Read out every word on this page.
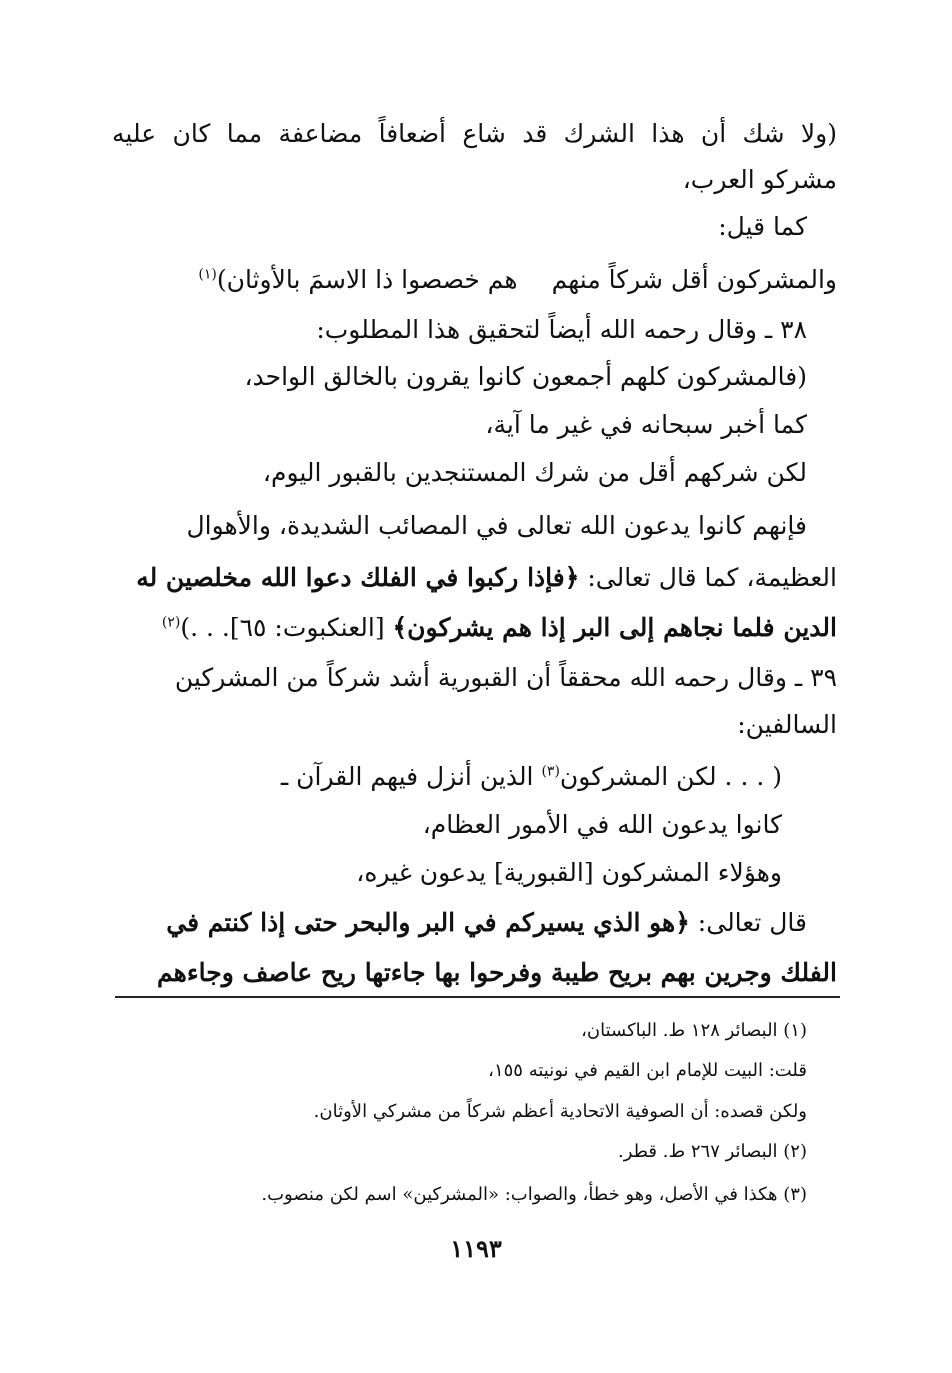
(ولا شك أن هذا الشرك قد شاع أضعافاً مضاعفة مما كان عليه
مشركو العرب،
كما قيل:
والمشركون أقل شركاً منهمهم خصصوا ذا الاسمَ بالأوثان)$^{(١)}$
٣٨ ـ وقال رحمه الله أيضاً لتحقيق هذا المطلوب:
(فالمشركون كلهم أجمعون كانوا يقرون بالخالق الواحد،
كما أخبر سبحانه في غير ما آية،
لكن شركهم أقل من شرك المستنجدين بالقبور اليوم،
فإنهم كانوا يدعون الله تعالى في المصائب الشديدة، والأهوال
العظيمة، كما قال تعالى: ﴿فإذا ركبوا في الفلك دعوا الله مخلصين له
الدين فلما نجاهم إلى البر إذا هم يشركون﴾ [العنكبوت: ٦٥]. . .)$^{(٢)}$
٣٩ ـ وقال رحمه الله محققاً أن القبورية أشد شركاً من المشركين
السالفين:
( . . . لكن المشركون$^{(٣)}$ الذين أنزل فيهم القرآن ـ
كانوا يدعون الله في الأمور العظام،
وهؤلاء المشركون [القبورية] يدعون غيره،
قال تعالى: ﴿هو الذي يسيركم في البر والبحر حتى إذا كنتم في
الفلك وجرين بهم بريح طيبة وفرحوا بها جاءتها ريح عاصف وجاءهم
(١) البصائر ١٢٨ ط. الباكستان،
قلت: البيت للإمام ابن القيم في نونيته ١٥٥،
ولكن قصده: أن الصوفية الاتحادية أعظم شركاً من مشركي الأوثان.
(٢) البصائر ٢٦٧ ط. قطر.
(٣) هكذا في الأصل، وهو خطأ، والصواب: «المشركين» اسم لكن منصوب.
١١٩٣
